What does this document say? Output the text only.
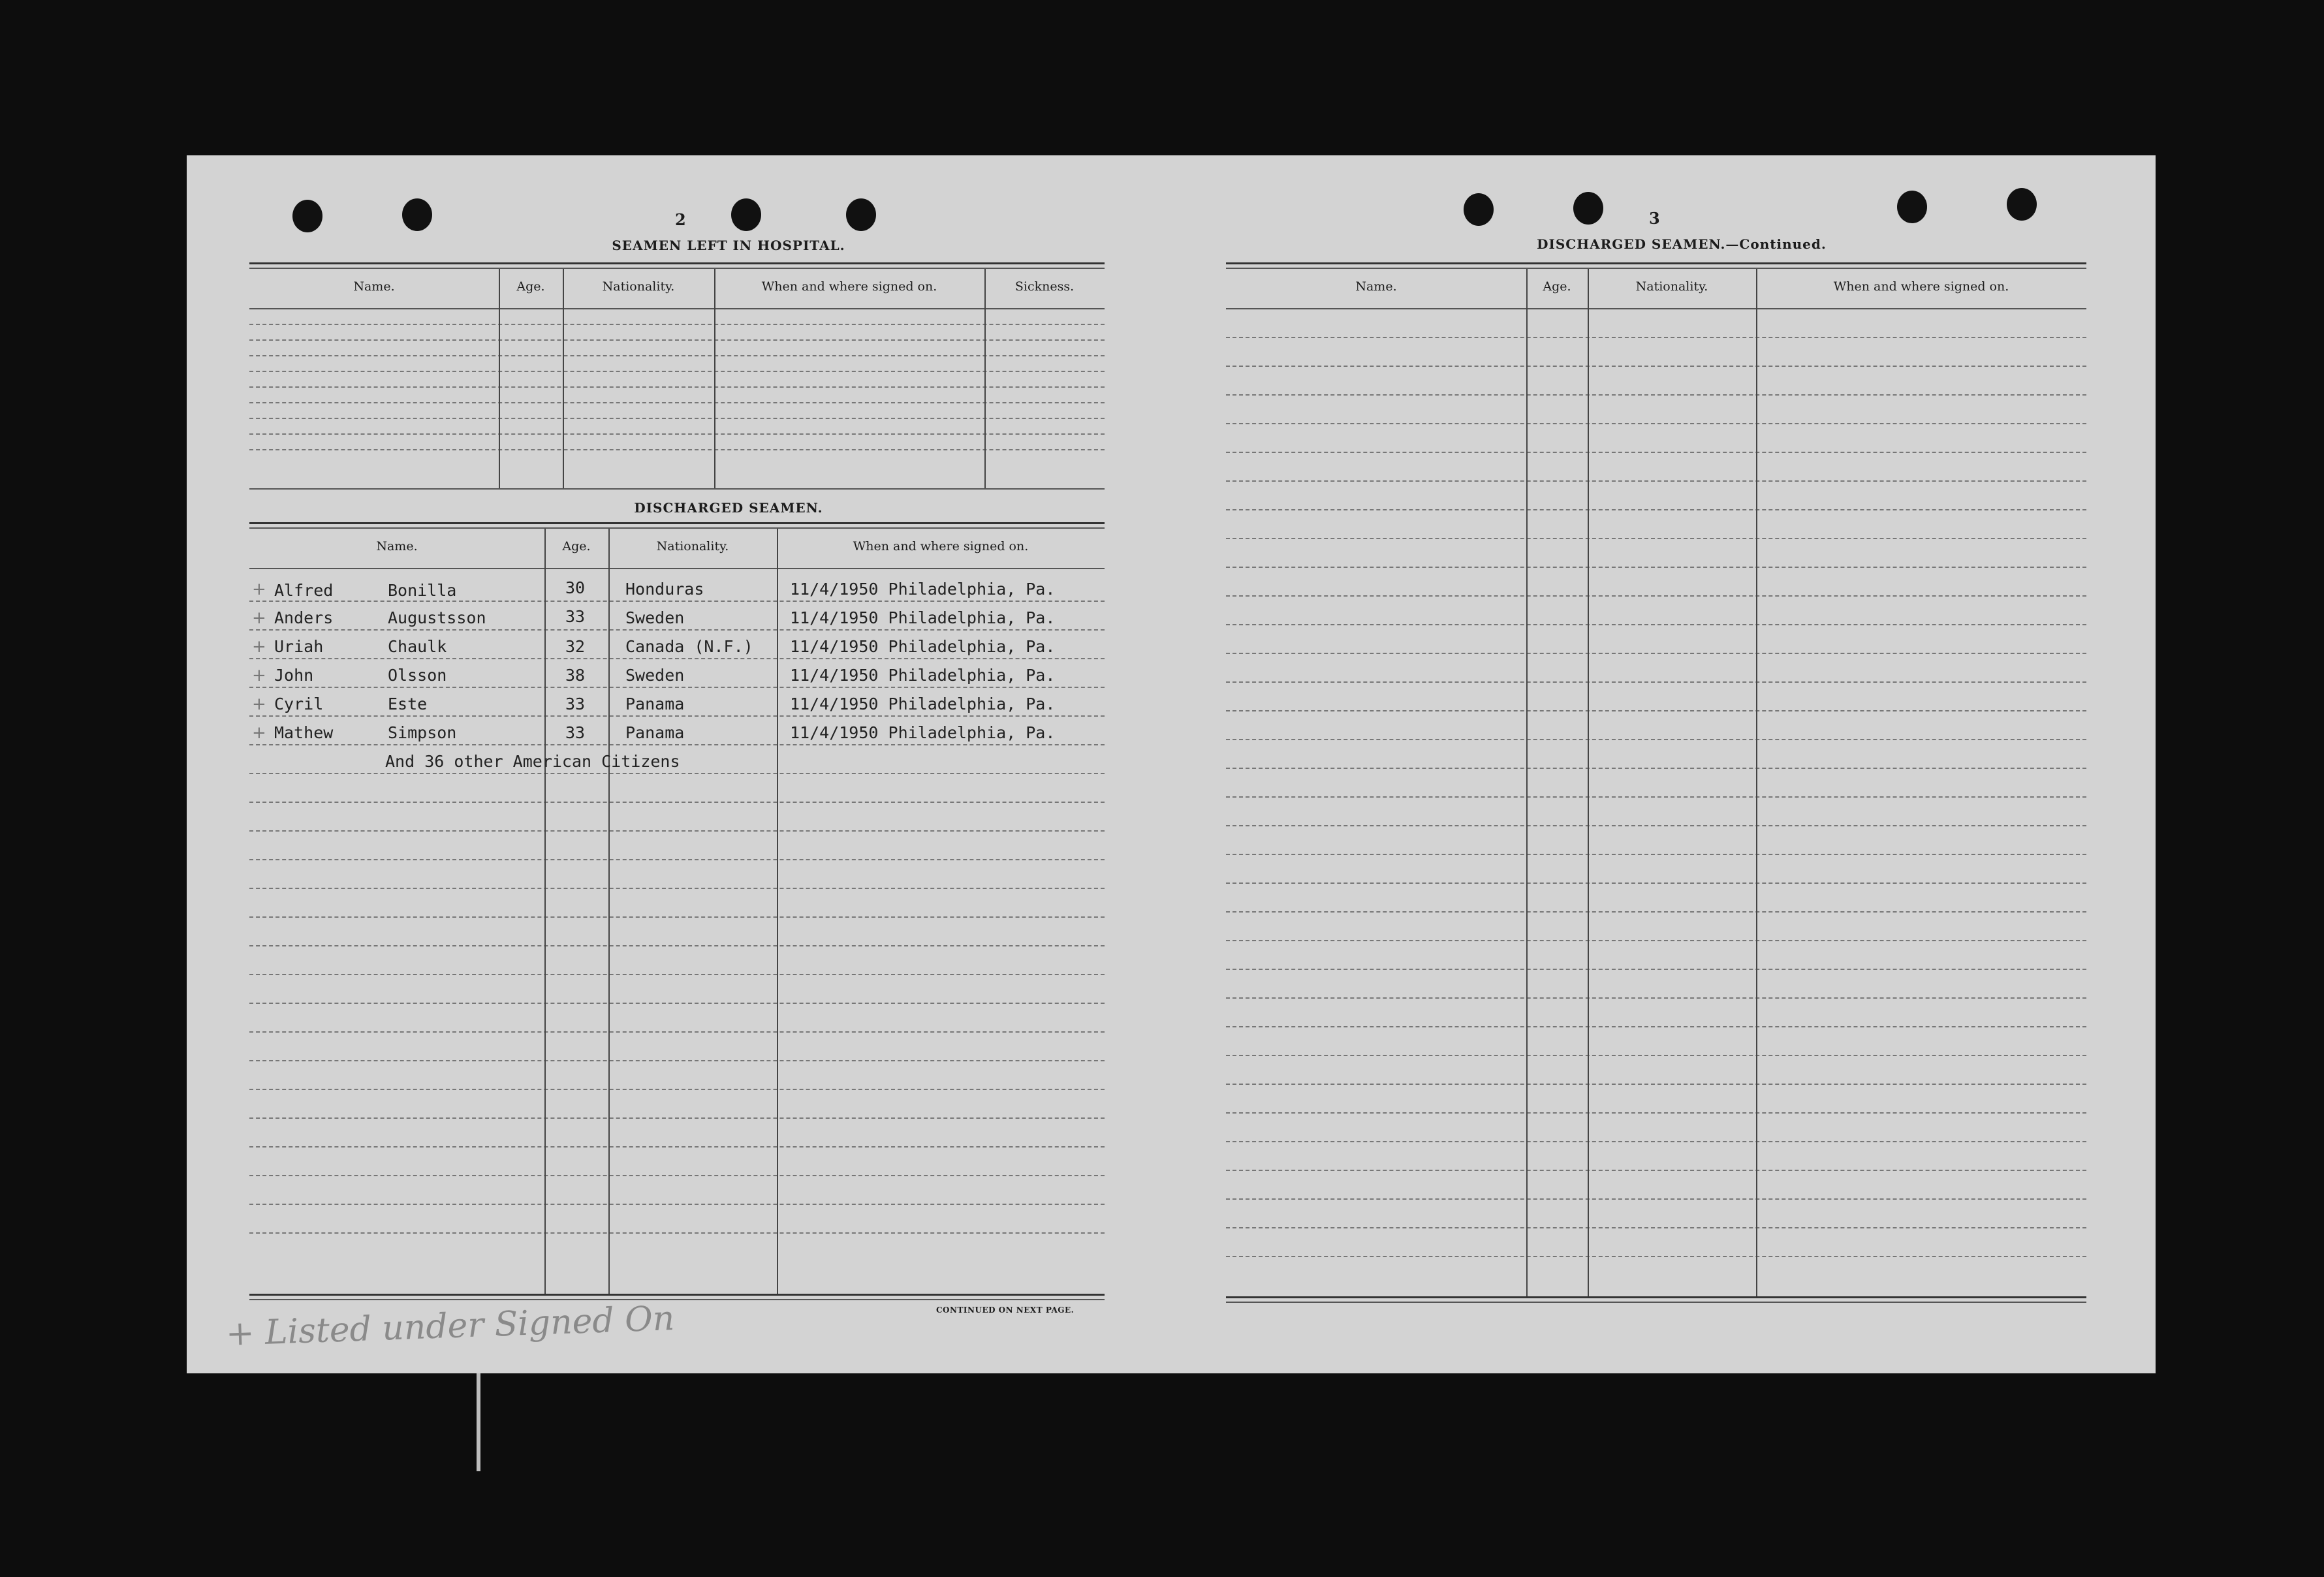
2
SEAMEN LEFT IN HOSPITAL.
Name.	Age.	Nationality.	When and where signed on.	Sickness.
DISCHARGED SEAMEN.
Name.	Age.	Nationality.	When and where signed on.
+ Alfred	Bonilla	30 Honduras	11/4/1950 Philadelphia, Pa.
+ Anders	Augustsson	33 Sweden	11/4/1950 Philadelphia, Pa.
+ Uriah	Chaulk	32 Canada (N.F.) 11/4/1950 Philadelphia, Pa.
+ John	Olsson	38 Sweden	11/4/1950 Philadelphia, Pa.
+ Cyril	Este	33 Panama	11/4/1950 Philadelphia, Pa.
+ Mathew	Simpson	33 Panama	11/4/1950 Philadelphia, Pa.
And 36 other American Citizens
CONTINUED ON NEXT PAGE.
+ Listed under Signed On
3
DISCHARGED SEAMEN.—Continued.
Name.	Age.	Nationality.	When and where signed on.
